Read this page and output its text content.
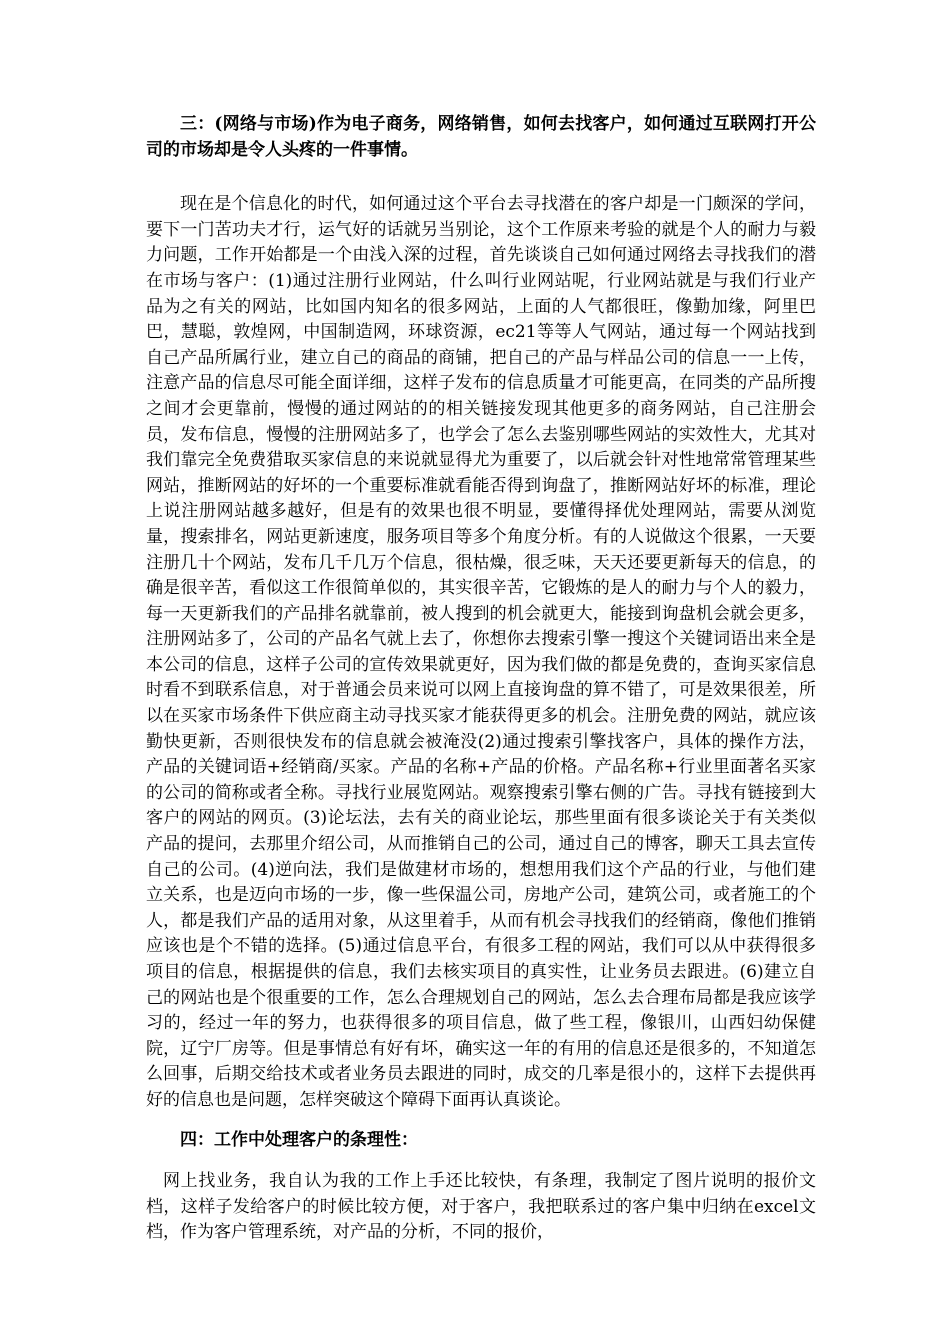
三：(网络与市场)作为电子商务，网络销售，如何去找客户，如何通过互联网打开公司的市场却是令人头疼的一件事情。

现在是个信息化的时代，如何通过这个平台去寻找潜在的客户却是一门颇深的学问，要下一门苦功夫才行，运气好的话就另当别论，这个工作原来考验的就是个人的耐力与毅力问题，工作开始都是一个由浅入深的过程，首先谈谈自己如何通过网络去寻找我们的潜在市场与客户：(1)通过注册行业网站，什么叫行业网站呢，行业网站就是与我们行业产品为之有关的网站，比如国内知名的很多网站，上面的人气都很旺，像勤加缘，阿里巴巴，慧聪，敦煌网，中国制造网，环球资源，ec21等等人气网站，通过每一个网站找到自己产品所属行业，建立自己的商品的商铺，把自己的产品与样品公司的信息一一上传，注意产品的信息尽可能全面详细，这样子发布的信息质量才可能更高，在同类的产品所搜之间才会更靠前，慢慢的通过网站的的相关链接发现其他更多的商务网站，自己注册会员，发布信息，慢慢的注册网站多了，也学会了怎么去鉴别哪些网站的实效性大，尤其对我们靠完全免费猎取买家信息的来说就显得尤为重要了，以后就会针对性地常常管理某些网站，推断网站的好坏的一个重要标准就看能否得到询盘了，推断网站好坏的标准，理论上说注册网站越多越好，但是有的效果也很不明显，要懂得择优处理网站，需要从浏览量，搜索排名，网站更新速度，服务项目等多个角度分析。有的人说做这个很累，一天要注册几十个网站，发布几千几万个信息，很枯燥，很乏味，天天还要更新每天的信息，的确是很辛苦，看似这工作很简单似的，其实很辛苦，它锻炼的是人的耐力与个人的毅力，每一天更新我们的产品排名就靠前，被人搜到的机会就更大，能接到询盘机会就会更多，注册网站多了，公司的产品名气就上去了，你想你去搜索引擎一搜这个关键词语出来全是本公司的信息，这样子公司的宣传效果就更好，因为我们做的都是免费的，查询买家信息时看不到联系信息，对于普通会员来说可以网上直接询盘的算不错了，可是效果很差，所以在买家市场条件下供应商主动寻找买家才能获得更多的机会。注册免费的网站，就应该勤快更新，否则很快发布的信息就会被淹没(2)通过搜索引擎找客户，具体的操作方法，产品的关键词语+经销商/买家。产品的名称+产品的价格。产品名称+行业里面著名买家的公司的简称或者全称。寻找行业展览网站。观察搜索引擎右侧的广告。寻找有链接到大客户的网站的网页。(3)论坛法，去有关的商业论坛，那些里面有很多谈论关于有关类似产品的提问，去那里介绍公司，从而推销自己的公司，通过自己的博客，聊天工具去宣传自己的公司。(4)逆向法，我们是做建材市场的，想想用我们这个产品的行业，与他们建立关系，也是迈向市场的一步，像一些保温公司，房地产公司，建筑公司，或者施工的个人，都是我们产品的适用对象，从这里着手，从而有机会寻找我们的经销商，像他们推销应该也是个不错的选择。(5)通过信息平台，有很多工程的网站，我们可以从中获得很多项目的信息，根据提供的信息，我们去核实项目的真实性，让业务员去跟进。(6)建立自己的网站也是个很重要的工作，怎么合理规划自己的网站，怎么去合理布局都是我应该学习的，经过一年的努力，也获得很多的项目信息，做了些工程，像银川，山西妇幼保健院，辽宁厂房等。但是事情总有好有坏，确实这一年的有用的信息还是很多的，不知道怎么回事，后期交给技术或者业务员去跟进的同时，成交的几率是很小的，这样下去提供再好的信息也是问题，怎样突破这个障碍下面再认真谈论。

四：工作中处理客户的条理性：

网上找业务，我自认为我的工作上手还比较快，有条理，我制定了图片说明的报价文档，这样子发给客户的时候比较方便，对于客户，我把联系过的客户集中归纳在excel文档，作为客户管理系统，对产品的分析，不同的报价，
